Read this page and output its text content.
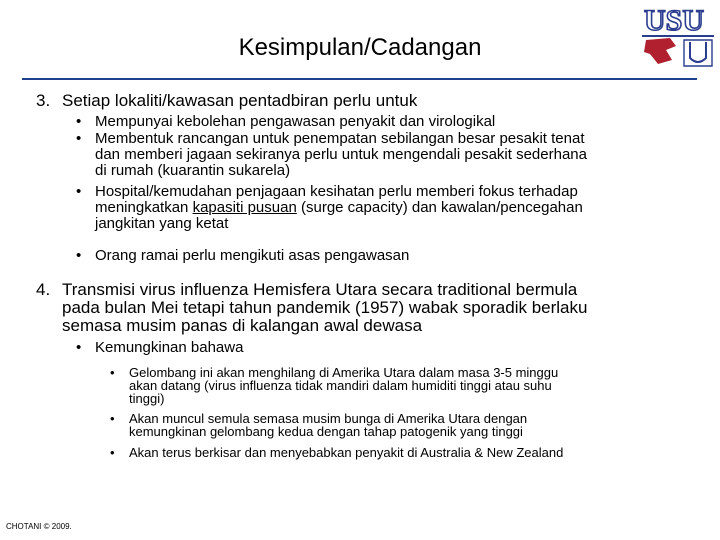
Kesimpulan/Cadangan
USU
3. Setiap lokaliti/kawasan pentadbiran perlu untuk
• Mempunyai kebolehan pengawasan penyakit dan virologikal
• Membentuk rancangan untuk penempatan sebilangan besar pesakit tenat
dan memberi jagaan sekiranya perlu untuk mengendali pesakit sederhana
di rumah (kuarantin sukarela)
• Hospital/kemudahan penjagaan kesihatan perlu memberi fokus terhadap
meningkatkan kapasiti pusuan (surge capacity) dan kawalan/pencegahan
jangkitan yang ketat
• Orang ramai perlu mengikuti asas pengawasan
4. Transmisi virus influenza Hemisfera Utara secara traditional bermula
pada bulan Mei tetapi tahun pandemik (1957) wabak sporadik berlaku
semasa musim panas di kalangan awal dewasa
• Kemungkinan bahawa
• Gelombang ini akan menghilang di Amerika Utara dalam masa 3-5 minggu
akan datang (virus influenza tidak mandiri dalam humiditi tinggi atau suhu
tinggi)
• Akan muncul semula semasa musim bunga di Amerika Utara dengan
kemungkinan gelombang kedua dengan tahap patogenik yang tinggi
• Akan terus berkisar dan menyebabkan penyakit di Australia & New Zealand
CHOTANI © 2009.
